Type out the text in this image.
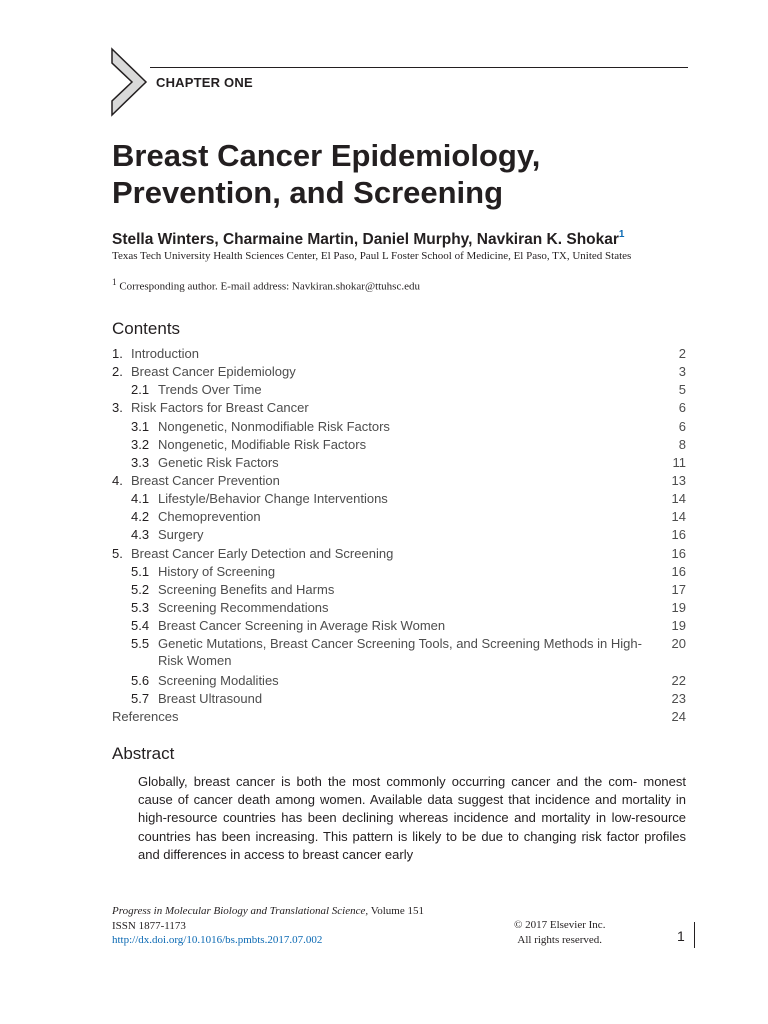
CHAPTER ONE
Breast Cancer Epidemiology, Prevention, and Screening
Stella Winters, Charmaine Martin, Daniel Murphy, Navkiran K. Shokar$^1$
Texas Tech University Health Sciences Center, El Paso, Paul L Foster School of Medicine, El Paso, TX, United States
$^1$ Corresponding author. E-mail address: Navkiran.shokar@ttuhsc.edu
Contents
1. Introduction	2
2. Breast Cancer Epidemiology	3
2.1 Trends Over Time	5
3. Risk Factors for Breast Cancer	6
3.1 Nongenetic, Nonmodifiable Risk Factors	6
3.2 Nongenetic, Modifiable Risk Factors	8
3.3 Genetic Risk Factors	11
4. Breast Cancer Prevention	13
4.1 Lifestyle/Behavior Change Interventions	14
4.2 Chemoprevention	14
4.3 Surgery	16
5. Breast Cancer Early Detection and Screening	16
5.1 History of Screening	16
5.2 Screening Benefits and Harms	17
5.3 Screening Recommendations	19
5.4 Breast Cancer Screening in Average Risk Women	19
5.5 Genetic Mutations, Breast Cancer Screening Tools, and Screening Methods in High-Risk Women
20
5.6 Screening Modalities	22
5.7 Breast Ultrasound	23
References	24
Abstract

Globally, breast cancer is both the most commonly occurring cancer and the com- monest cause of cancer death among women. Available data suggest that incidence and mortality in high-resource countries has been declining whereas incidence and mortality in low-resource countries has been increasing. This pattern is likely to be due to changing risk factor profiles and differences in access to breast cancer early

Progress in Molecular Biology and Translational Science, Volume 151
ISSN 1877-1173
http://dx.doi.org/10.1016/bs.pmbts.2017.07.002
© 2017 Elsevier Inc.
All rights reserved.	1
